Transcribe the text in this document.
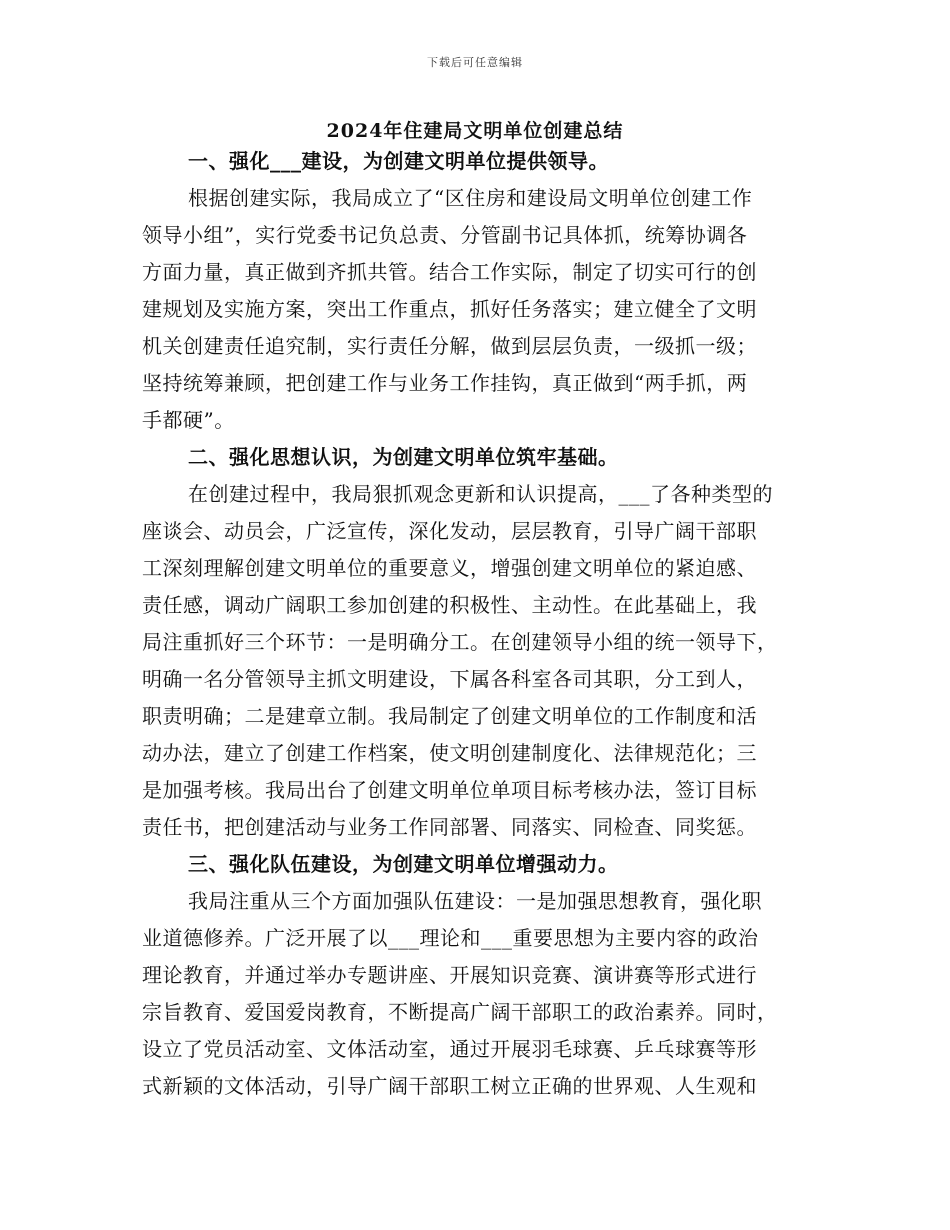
下载后可任意编辑
2024年住建局文明单位创建总结
一、强化___建设，为创建文明单位提供领导。
根据创建实际，我局成立了“区住房和建设局文明单位创建工作
领导小组”，实行党委书记负总责、分管副书记具体抓，统筹协调各
方面力量，真正做到齐抓共管。结合工作实际，制定了切实可行的创
建规划及实施方案，突出工作重点，抓好任务落实；建立健全了文明
机关创建责任追究制，实行责任分解，做到层层负责，一级抓一级；
坚持统筹兼顾，把创建工作与业务工作挂钩，真正做到“两手抓，两
手都硬”。
二、强化思想认识，为创建文明单位筑牢基础。
在创建过程中，我局狠抓观念更新和认识提高，___了各种类型的
座谈会、动员会，广泛宣传，深化发动，层层教育，引导广阔干部职
工深刻理解创建文明单位的重要意义，增强创建文明单位的紧迫感、
责任感，调动广阔职工参加创建的积极性、主动性。在此基础上，我
局注重抓好三个环节：一是明确分工。在创建领导小组的统一领导下，
明确一名分管领导主抓文明建设，下属各科室各司其职，分工到人，
职责明确；二是建章立制。我局制定了创建文明单位的工作制度和活
动办法，建立了创建工作档案，使文明创建制度化、法律规范化；三
是加强考核。我局出台了创建文明单位单项目标考核办法，签订目标
责任书，把创建活动与业务工作同部署、同落实、同检查、同奖惩。
三、强化队伍建设，为创建文明单位增强动力。
我局注重从三个方面加强队伍建设：一是加强思想教育，强化职
业道德修养。广泛开展了以___理论和___重要思想为主要内容的政治
理论教育，并通过举办专题讲座、开展知识竞赛、演讲赛等形式进行
宗旨教育、爱国爱岗教育，不断提高广阔干部职工的政治素养。同时，
设立了党员活动室、文体活动室，通过开展羽毛球赛、乒乓球赛等形
式新颖的文体活动，引导广阔干部职工树立正确的世界观、人生观和
